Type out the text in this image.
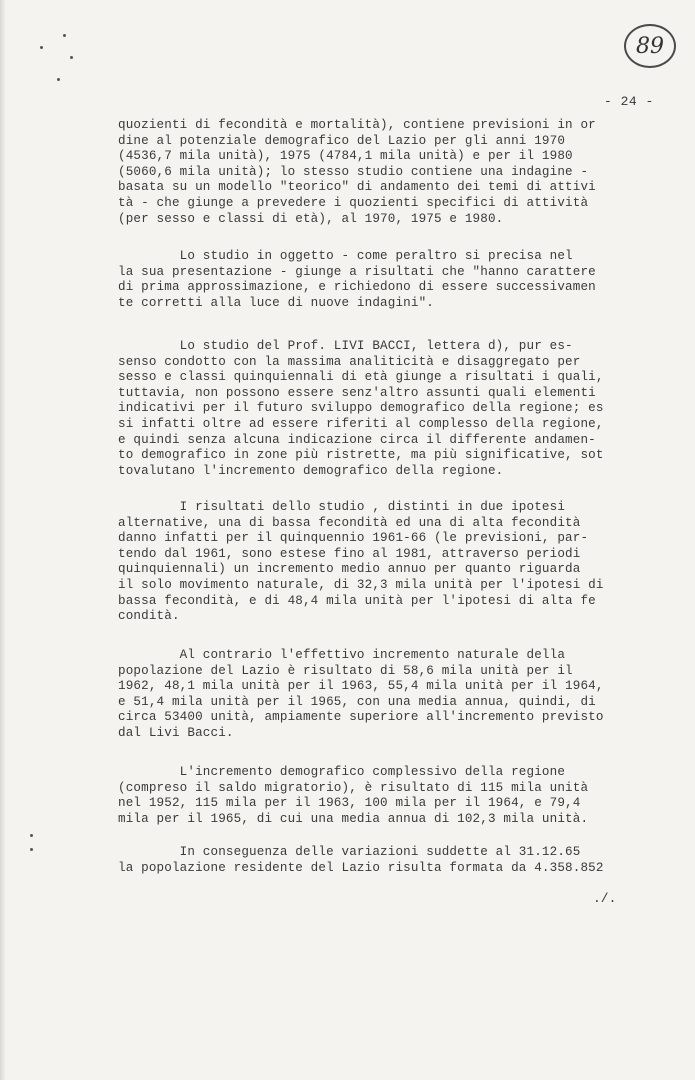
89
- 24 -
quozienti di fecondità e mortalità), contiene previsioni in or
dine al potenziale demografico del Lazio per gli anni 1970
(4536,7 mila unità), 1975 (4784,1 mila unità) e per il 1980
(5060,6 mila unità); lo stesso studio contiene una indagine -
basata su un modello "teorico" di andamento dei temi di attivi
tà - che giunge a prevedere i quozienti specifici di attività
(per sesso e classi di età), al 1970, 1975 e 1980.
Lo studio in oggetto - come peraltro si precisa nel
la sua presentazione - giunge a risultati che "hanno carattere
di prima approssimazione, e richiedono di essere successivamen
te corretti alla luce di nuove indagini".
Lo studio del Prof. LIVI BACCI, lettera d), pur es-
senso condotto con la massima analiticità e disaggregato per
sesso e classi quinquiennali di età giunge a risultati i quali,
tuttavia, non possono essere senz'altro assunti quali elementi
indicativi per il futuro sviluppo demografico della regione; es
si infatti oltre ad essere riferiti al complesso della regione,
e quindi senza alcuna indicazione circa il differente andamen-
to demografico in zone più ristrette, ma più significative, sot
tovalutano l'incremento demografico della regione.
I risultati dello studio , distinti in due ipotesi
alternative, una di bassa fecondità ed una di alta fecondità
danno infatti per il quinquennio 1961-66 (le previsioni, par-
tendo dal 1961, sono estese fino al 1981, attraverso periodi
quinquiennali) un incremento medio annuo per quanto riguarda
il solo movimento naturale, di 32,3 mila unità per l'ipotesi di
bassa fecondità, e di 48,4 mila unità per l'ipotesi di alta fe
condità.
Al contrario l'effettivo incremento naturale della
popolazione del Lazio è risultato di 58,6 mila unità per il
1962, 48,1 mila unità per il 1963, 55,4 mila unità per il 1964,
e 51,4 mila unità per il 1965, con una media annua, quindi, di
circa 53400 unità, ampiamente superiore all'incremento previsto
dal Livi Bacci.
L'incremento demografico complessivo della regione
(compreso il saldo migratorio), è risultato di 115 mila unità
nel 1952, 115 mila per il 1963, 100 mila per il 1964, e 79,4
mila per il 1965, di cui una media annua di 102,3 mila unità.
In conseguenza delle variazioni suddette al 31.12.65
la popolazione residente del Lazio risulta formata da 4.358.852
./.
